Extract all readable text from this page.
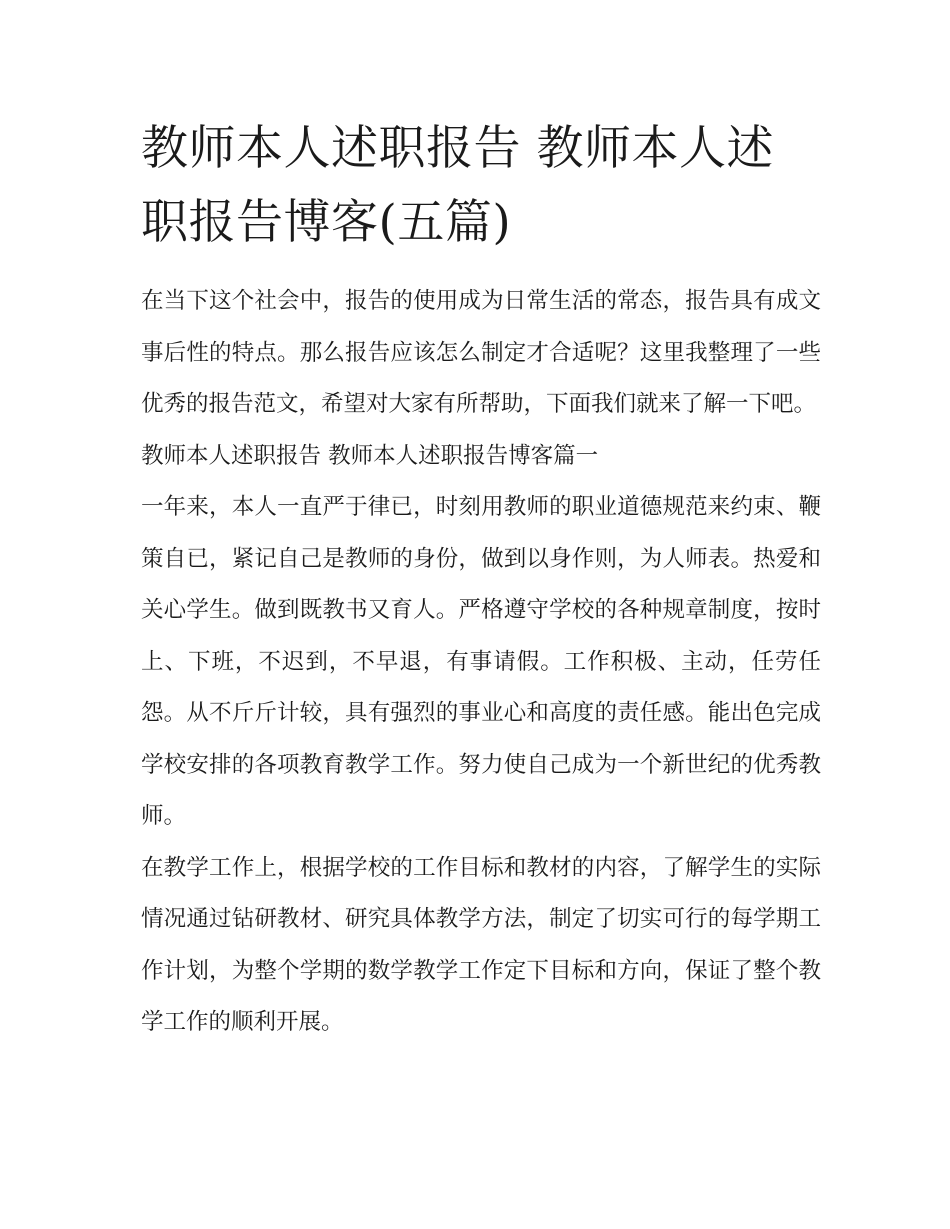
教师本人述职报告 教师本人述职报告博客(五篇)

在当下这个社会中，报告的使用成为日常生活的常态，报告具有成文事后性的特点。那么报告应该怎么制定才合适呢？这里我整理了一些优秀的报告范文，希望对大家有所帮助，下面我们就来了解一下吧。

教师本人述职报告 教师本人述职报告博客篇一

一年来，本人一直严于律已，时刻用教师的职业道德规范来约束、鞭策自已，紧记自己是教师的身份，做到以身作则，为人师表。热爱和关心学生。做到既教书又育人。严格遵守学校的各种规章制度，按时上、下班，不迟到，不早退，有事请假。工作积极、主动，任劳任怨。从不斤斤计较，具有强烈的事业心和高度的责任感。能出色完成学校安排的各项教育教学工作。努力使自己成为一个新世纪的优秀教师。

在教学工作上，根据学校的工作目标和教材的内容，了解学生的实际情况通过钻研教材、研究具体教学方法，制定了切实可行的每学期工作计划，为整个学期的数学教学工作定下目标和方向，保证了整个教学工作的顺利开展。
